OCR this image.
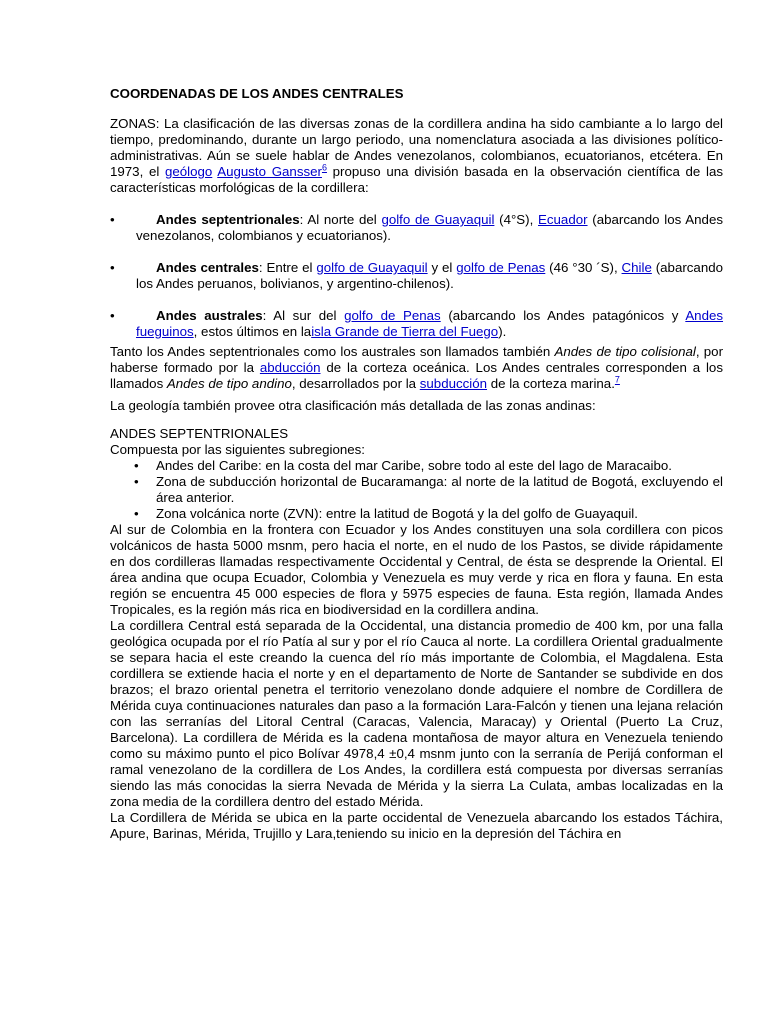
COORDENADAS DE LOS ANDES CENTRALES

ZONAS: La clasificación de las diversas zonas de la cordillera andina ha sido cambiante a lo largo del tiempo, predominando, durante un largo periodo, una nomenclatura asociada a las divisiones político-administrativas. Aún se suele hablar de Andes venezolanos, colombianos, ecuatorianos, etcétera. En 1973, el geólogo Augusto Gansser$^6$ propuso una división basada en la observación científica de las características morfológicas de la cordillera:

•	Andes septentrionales: Al norte del golfo de Guayaquil (4°S), Ecuador (abarcando los Andes venezolanos, colombianos y ecuatorianos).
•	Andes centrales: Entre el golfo de Guayaquil y el golfo de Penas (46 °30 ´S), Chile (abarcando los Andes peruanos, bolivianos, y argentino-chilenos).
•	Andes australes: Al sur del golfo de Penas (abarcando los Andes patagónicos y Andes fueguinos, estos últimos en laisla Grande de Tierra del Fuego).

Tanto los Andes septentrionales como los australes son llamados también Andes de tipo colisional, por haberse formado por la abducción de la corteza oceánica. Los Andes centrales corresponden a los llamados Andes de tipo andino, desarrollados por la subducción de la corteza marina.$^7$

La geología también provee otra clasificación más detallada de las zonas andinas:

ANDES SEPTENTRIONALES

Compuesta por las siguientes subregiones:

• Andes del Caribe: en la costa del mar Caribe, sobre todo al este del lago de Maracaibo.
• Zona de subducción horizontal de Bucaramanga: al norte de la latitud de Bogotá, excluyendo el área anterior.
• Zona volcánica norte (ZVN): entre la latitud de Bogotá y la del golfo de Guayaquil.

Al sur de Colombia en la frontera con Ecuador y los Andes constituyen una sola cordillera con picos volcánicos de hasta 5000 msnm, pero hacia el norte, en el nudo de los Pastos, se divide rápidamente en dos cordilleras llamadas respectivamente Occidental y Central, de ésta se desprende la Oriental. El área andina que ocupa Ecuador, Colombia y Venezuela es muy verde y rica en flora y fauna. En esta región se encuentra 45 000 especies de flora y 5975 especies de fauna. Esta región, llamada Andes Tropicales, es la región más rica en biodiversidad en la cordillera andina.

La cordillera Central está separada de la Occidental, una distancia promedio de 400 km, por una falla geológica ocupada por el río Patía al sur y por el río Cauca al norte. La cordillera Oriental gradualmente se separa hacia el este creando la cuenca del río más importante de Colombia, el Magdalena. Esta cordillera se extiende hacia el norte y en el departamento de Norte de Santander se subdivide en dos brazos; el brazo oriental penetra el territorio venezolano donde adquiere el nombre de Cordillera de Mérida cuya continuaciones naturales dan paso a la formación Lara-Falcón y tienen una lejana relación con las serranías del Litoral Central (Caracas, Valencia, Maracay) y Oriental (Puerto La Cruz, Barcelona). La cordillera de Mérida es la cadena montañosa de mayor altura en Venezuela teniendo como su máximo punto el pico Bolívar 4978,4 ±0,4 msnm junto con la serranía de Perijá conforman el ramal venezolano de la cordillera de Los Andes, la cordillera está compuesta por diversas serranías siendo las más conocidas la sierra Nevada de Mérida y la sierra La Culata, ambas localizadas en la zona media de la cordillera dentro del estado Mérida.

La Cordillera de Mérida se ubica en la parte occidental de Venezuela abarcando los estados Táchira, Apure, Barinas, Mérida, Trujillo y Lara,teniendo su inicio en la depresión del Táchira en
